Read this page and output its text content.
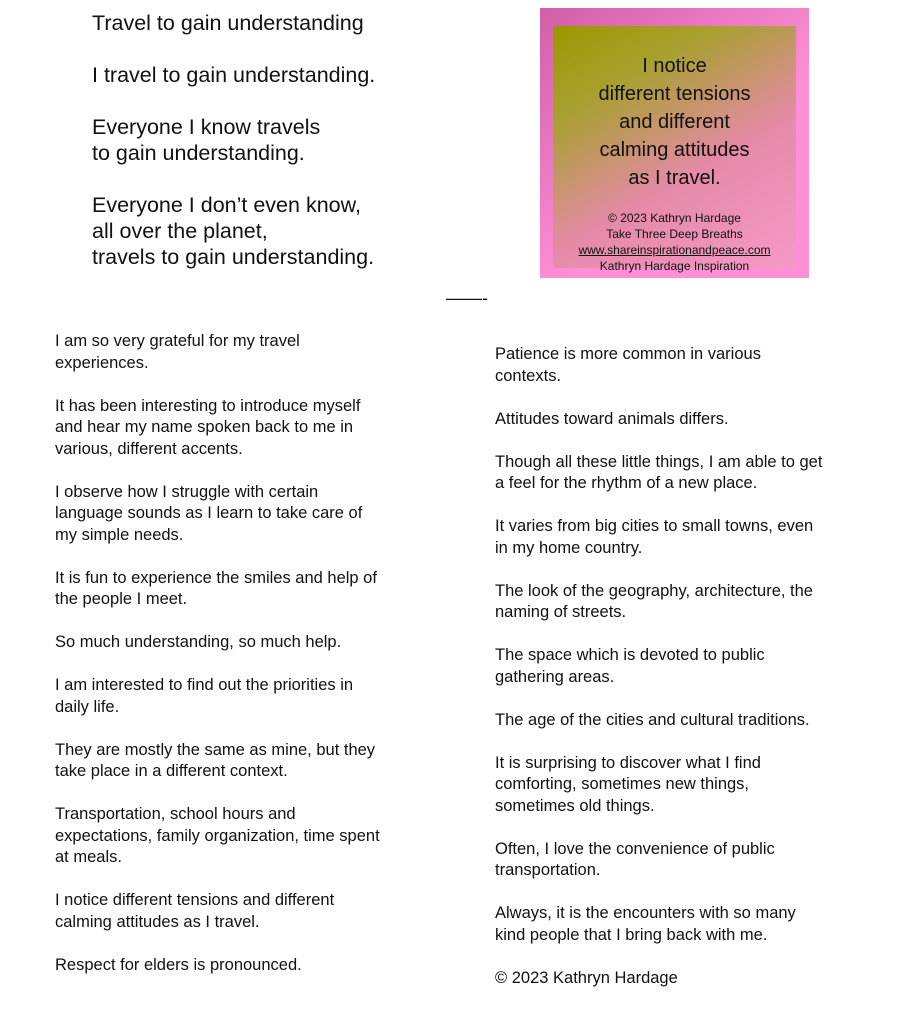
Travel to gain understanding

I travel to gain understanding.

Everyone I know travels
to gain understanding.

Everyone I don’t even know,
all over the planet,
travels to gain understanding.

I notice
different tensions
and different
calming attitudes
as I travel.
© 2023 Kathryn Hardage
Take Three Deep Breaths
www.shareinspirationandpeace.com
Kathryn Hardage Inspiration
——-

I am so very grateful for my travel
experiences.

It has been interesting to introduce myself
and hear my name spoken back to me in
various, different accents.

I observe how I struggle with certain
language sounds as I learn to take care of
my simple needs.

It is fun to experience the smiles and help of
the people I meet.

So much understanding, so much help.

I am interested to find out the priorities in
daily life.

They are mostly the same as mine, but they
take place in a different context.

Transportation, school hours and
expectations, family organization, time spent
at meals.

I notice different tensions and different
calming attitudes as I travel.

Respect for elders is pronounced.

Patience is more common in various
contexts.

Attitudes toward animals differs.

Though all these little things, I am able to get
a feel for the rhythm of a new place.

It varies from big cities to small towns, even
in my home country.

The look of the geography, architecture, the
naming of streets.

The space which is devoted to public
gathering areas.

The age of the cities and cultural traditions.

It is surprising to discover what I find
comforting, sometimes new things,
sometimes old things.

Often, I love the convenience of public
transportation.

Always, it is the encounters with so many
kind people that I bring back with me.

© 2023 Kathryn Hardage
